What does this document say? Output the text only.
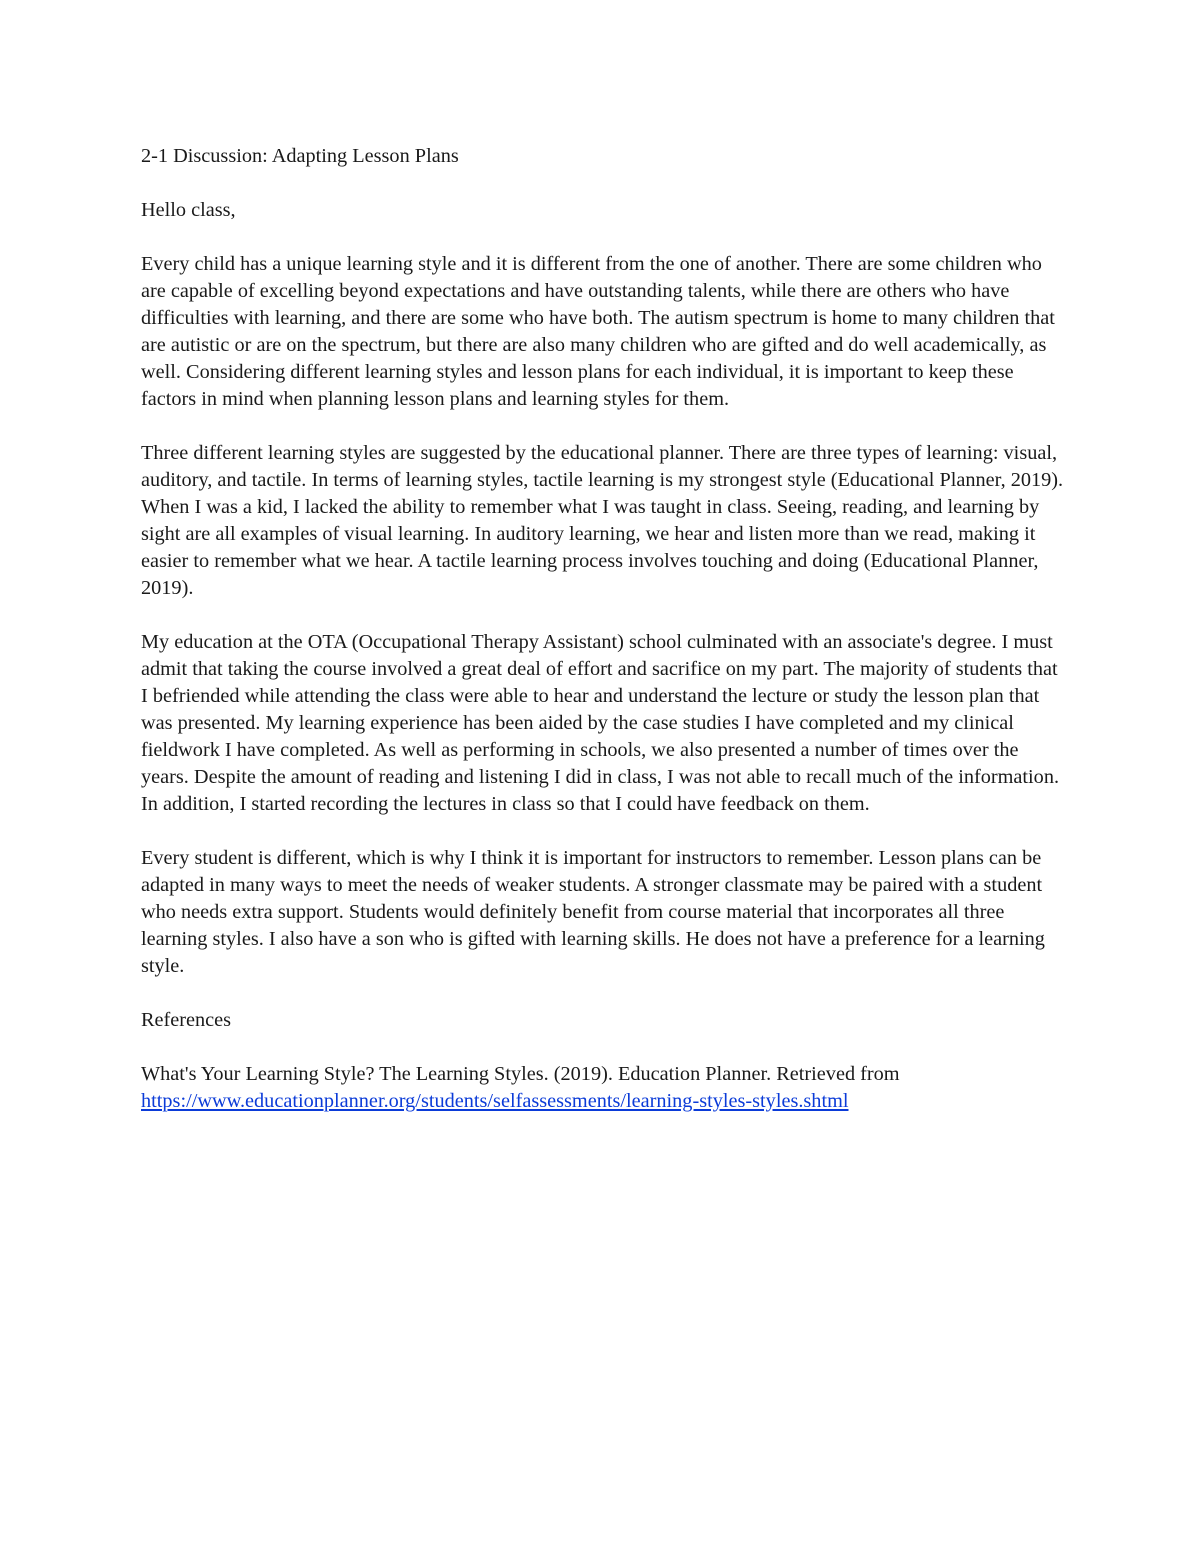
2-1 Discussion: Adapting Lesson Plans

Hello class,

Every child has a unique learning style and it is different from the one of another. There are some children who are capable of excelling beyond expectations and have outstanding talents, while there are others who have difficulties with learning, and there are some who have both. The autism spectrum is home to many children that are autistic or are on the spectrum, but there are also many children who are gifted and do well academically, as well. Considering different learning styles and lesson plans for each individual, it is important to keep these factors in mind when planning lesson plans and learning styles for them.

Three different learning styles are suggested by the educational planner. There are three types of learning: visual, auditory, and tactile. In terms of learning styles, tactile learning is my strongest style (Educational Planner, 2019). When I was a kid, I lacked the ability to remember what I was taught in class. Seeing, reading, and learning by sight are all examples of visual learning. In auditory learning, we hear and listen more than we read, making it easier to remember what we hear. A tactile learning process involves touching and doing (Educational Planner, 2019).

My education at the OTA (Occupational Therapy Assistant) school culminated with an associate's degree. I must admit that taking the course involved a great deal of effort and sacrifice on my part. The majority of students that I befriended while attending the class were able to hear and understand the lecture or study the lesson plan that was presented. My learning experience has been aided by the case studies I have completed and my clinical fieldwork I have completed. As well as performing in schools, we also presented a number of times over the years. Despite the amount of reading and listening I did in class, I was not able to recall much of the information. In addition, I started recording the lectures in class so that I could have feedback on them.

Every student is different, which is why I think it is important for instructors to remember. Lesson plans can be adapted in many ways to meet the needs of weaker students. A stronger classmate may be paired with a student who needs extra support. Students would definitely benefit from course material that incorporates all three learning styles. I also have a son who is gifted with learning skills. He does not have a preference for a learning style.

References

What's Your Learning Style? The Learning Styles. (2019). Education Planner. Retrieved from https://www.educationplanner.org/students/selfassessments/learning-styles-styles.shtml
